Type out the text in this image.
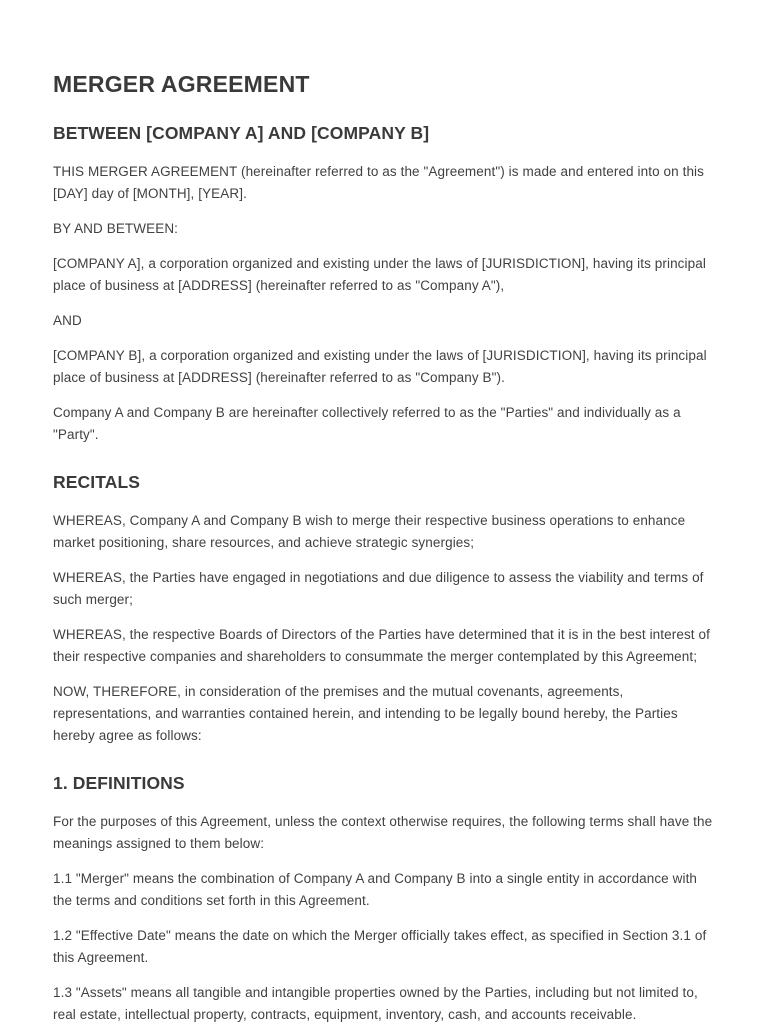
MERGER AGREEMENT
BETWEEN [COMPANY A] AND [COMPANY B]

THIS MERGER AGREEMENT (hereinafter referred to as the "Agreement") is made and entered into on this [DAY] day of [MONTH], [YEAR].

BY AND BETWEEN:

[COMPANY A], a corporation organized and existing under the laws of [JURISDICTION], having its principal place of business at [ADDRESS] (hereinafter referred to as "Company A"),

AND

[COMPANY B], a corporation organized and existing under the laws of [JURISDICTION], having its principal place of business at [ADDRESS] (hereinafter referred to as "Company B").

Company A and Company B are hereinafter collectively referred to as the "Parties" and individually as a "Party".

RECITALS

WHEREAS, Company A and Company B wish to merge their respective business operations to enhance market positioning, share resources, and achieve strategic synergies;

WHEREAS, the Parties have engaged in negotiations and due diligence to assess the viability and terms of such merger;

WHEREAS, the respective Boards of Directors of the Parties have determined that it is in the best interest of their respective companies and shareholders to consummate the merger contemplated by this Agreement;

NOW, THEREFORE, in consideration of the premises and the mutual covenants, agreements, representations, and warranties contained herein, and intending to be legally bound hereby, the Parties hereby agree as follows:

1. DEFINITIONS

For the purposes of this Agreement, unless the context otherwise requires, the following terms shall have the meanings assigned to them below:

1.1 "Merger" means the combination of Company A and Company B into a single entity in accordance with the terms and conditions set forth in this Agreement.

1.2 "Effective Date" means the date on which the Merger officially takes effect, as specified in Section 3.1 of this Agreement.

1.3 "Assets" means all tangible and intangible properties owned by the Parties, including but not limited to, real estate, intellectual property, contracts, equipment, inventory, cash, and accounts receivable.
